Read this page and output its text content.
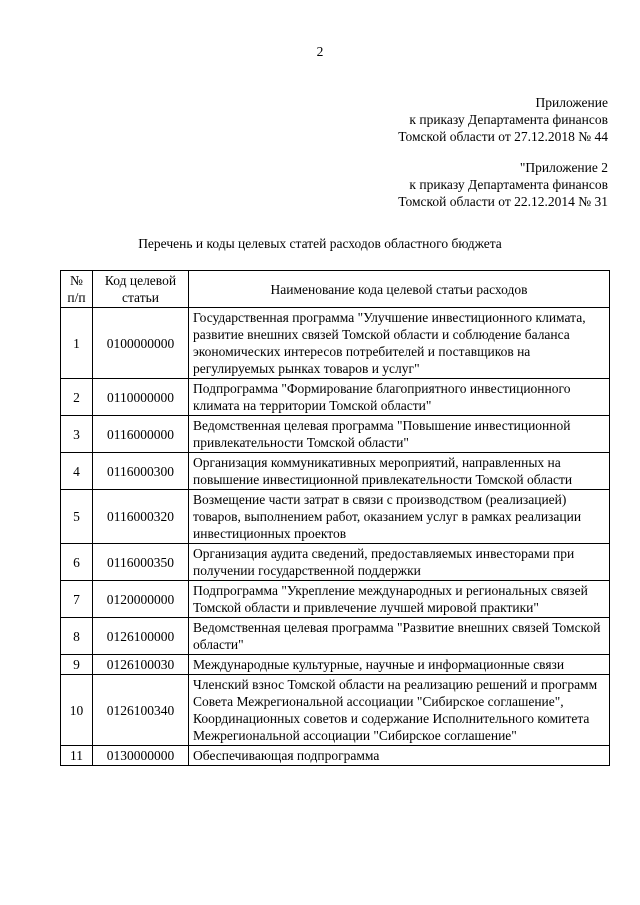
2
Приложение
к приказу Департамента финансов
Томской области от 27.12.2018 № 44
"Приложение 2
к приказу Департамента финансов
Томской области от 22.12.2014 № 31
Перечень и коды целевых статей расходов областного бюджета
№ п/п	Код целевой статьи	Наименование кода целевой статьи расходов
1	0100000000	Государственная программа "Улучшение инвестиционного климата, развитие внешних связей Томской области и соблюдение баланса экономических интересов потребителей и поставщиков на регулируемых рынках товаров и услуг"
2	0110000000	Подпрограмма "Формирование благоприятного инвестиционного климата на территории Томской области"
3	0116000000	Ведомственная целевая программа "Повышение инвестиционной привлекательности Томской области"
4	0116000300	Организация коммуникативных мероприятий, направленных на повышение инвестиционной привлекательности Томской области
5	0116000320	Возмещение части затрат в связи с производством (реализацией) товаров, выполнением работ, оказанием услуг в рамках реализации инвестиционных проектов
6	0116000350	Организация аудита сведений, предоставляемых инвесторами при получении государственной поддержки
7	0120000000	Подпрограмма "Укрепление международных и региональных связей Томской области и привлечение лучшей мировой практики"
8	0126100000	Ведомственная целевая программа "Развитие внешних связей Томской области"
9	0126100030	Международные культурные, научные и информационные связи
10	0126100340	Членский взнос Томской области на реализацию решений и программ Совета Межрегиональной ассоциации "Сибирское соглашение", Координационных советов и содержание Исполнительного комитета Межрегиональной ассоциации "Сибирское соглашение"
11	0130000000	Обеспечивающая подпрограмма
